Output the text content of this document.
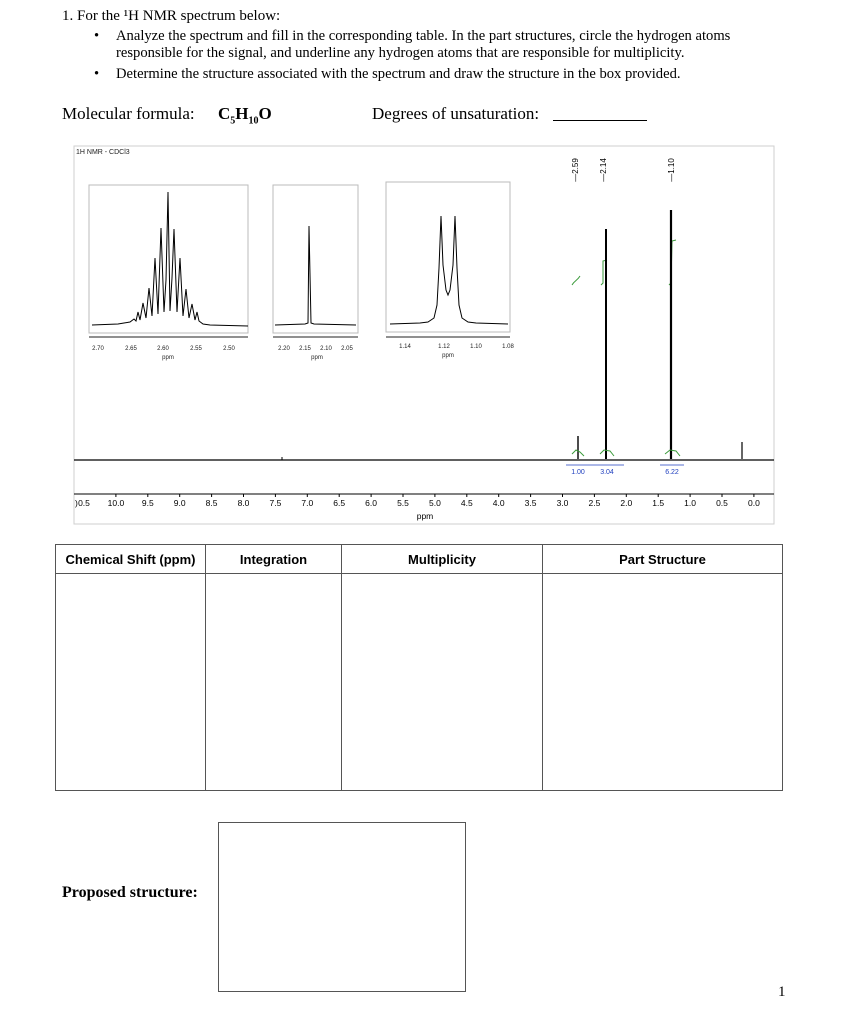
1. For the ¹H NMR spectrum below:
• Analyze the spectrum and fill in the corresponding table. In the part structures, circle the hydrogen atoms responsible for the signal, and underline any hydrogen atoms that are responsible for multiplicity.
• Determine the structure associated with the spectrum and draw the structure in the box provided.
Molecular formula: $C_5H_{10}O$	Degrees of unsaturation:
1H NMR - CDCl3
2.70	2.65	2.60	2.55	2.50
ppm
2.20 2.15 2.10 2.05
ppm
1.14	1.12	1.10	1.08
ppm
—2.59
—2.14
—1.10
1.00 3.04	6.22
10.0 9.5 9.0 8.5 8.0 7.5 7.0 6.5 6.0 5.5 5.0 4.5 4.0 3.5 3.0 2.5 2.0 1.5 1.0 0.5 0.0
0.5
)
ppm
Chemical Shift (ppm)	Integration	Multiplicity	Part Structure

Proposed structure:
1
